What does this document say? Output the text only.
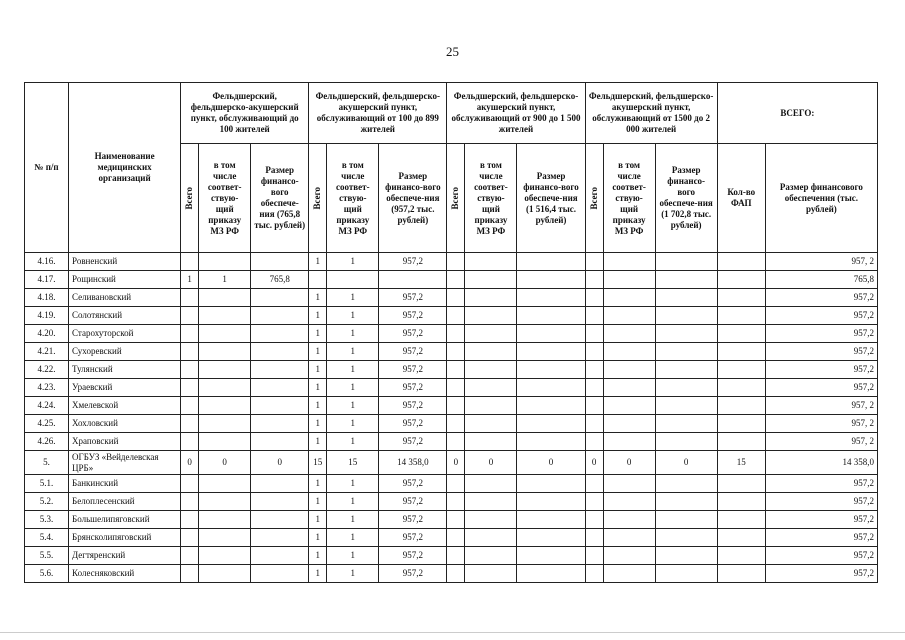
25
№ п/п	Наименование медицинских организаций	Фельдшерский, фельдшерско-акушерский пункт, обслуживающий до 100 жителей			Фельдшерский, фельдшерско-акушерский пункт, обслуживающий от 100 до 899 жителей			Фельдшерский, фельдшерско-акушерский пункт, обслуживающий от 900 до 1 500 жителей			Фельдшерский, фельдшерско-акушерский пункт, обслуживающий от 1500 до 2 000 жителей			ВСЕГО:	

		Всего	в том числе соответ-ствую-щий приказу МЗ РФ	Размер финансо-вого обеспече-ния (765,8 тыс. рублей)	Всего	в том числе соответ-ствую-щий приказу МЗ РФ	Размер финансо-вого обеспече-ния (957,2 тыс. рублей)	Всего	в том числе соответ-ствую-щий приказу МЗ РФ	Размер финансо-вого обеспече-ния (1 516,4 тыс. рублей)	Всего	в том числе соответ-ствую-щий приказу МЗ РФ	Размер финансо-вого обеспече-ния (1 702,8 тыс. рублей)	Кол-во ФАП	Размер финансового обеспечения (тыс. рублей)
4.16.	Ровненский				1	1	957,2								957, 2
4.17.	Рощинский	1	1	765,8											765,8
4.18.	Селивановский				1	1	957,2								957,2
4.19.	Солотянский				1	1	957,2								957,2
4.20.	Старохуторской				1	1	957,2								957,2
4.21.	Сухоревский				1	1	957,2								957,2
4.22.	Тулянский				1	1	957,2								957,2
4.23.	Ураевский				1	1	957,2								957,2
4.24.	Хмелевской				1	1	957,2								957, 2
4.25.	Хохловский				1	1	957,2								957, 2
4.26.	Храповский				1	1	957,2								957, 2
5.	ОГБУЗ «Вейделевская ЦРБ»	0	0	0	15	15	14 358,0	0	0	0	0	0	0	15	14 358,0
5.1.	Банкинский				1	1	957,2								957,2
5.2.	Белоплесенский				1	1	957,2								957,2
5.3.	Большелипяговский				1	1	957,2								957,2
5.4.	Брянсколипяговский				1	1	957,2								957,2
5.5.	Дегтяренский				1	1	957,2								957,2
5.6.	Колесняковский				1	1	957,2								957,2
